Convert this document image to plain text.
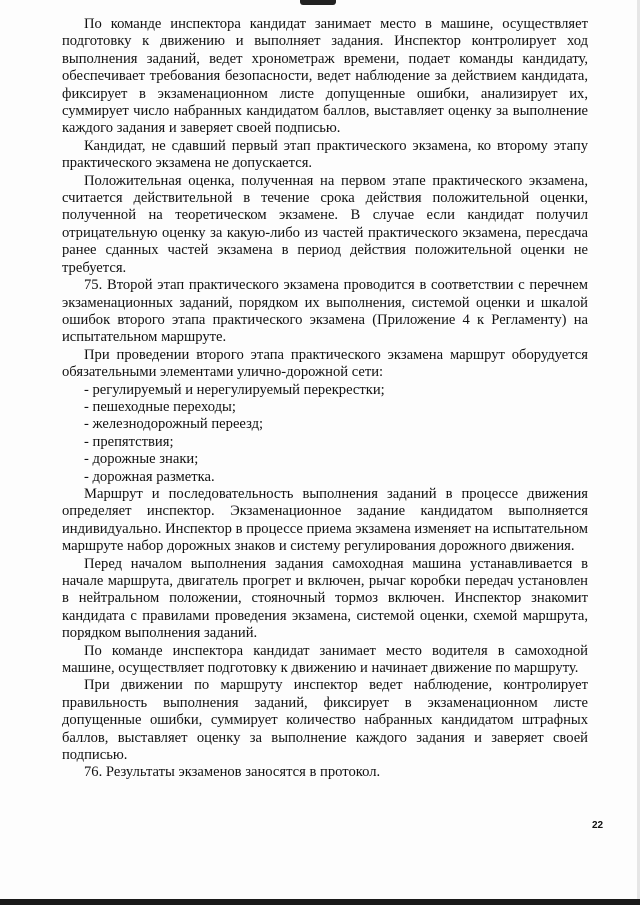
По команде инспектора кандидат занимает место в машине, осуществляет подготовку к движению и выполняет задания. Инспектор контролирует ход выполнения заданий, ведет хронометраж времени, подает команды кандидату, обеспечивает требования безопасности, ведет наблюдение за действием кандидата, фиксирует в экзаменационном листе допущенные ошибки, анализирует их, суммирует число набранных кандидатом баллов, выставляет оценку за выполнение каждого задания и заверяет своей подписью.

Кандидат, не сдавший первый этап практического экзамена, ко второму этапу практического экзамена не допускается.

Положительная оценка, полученная на первом этапе практического экзамена, считается действительной в течение срока действия положительной оценки, полученной на теоретическом экзамене. В случае если кандидат получил отрицательную оценку за какую-либо из частей практического экзамена, пересдача ранее сданных частей экзамена в период действия положительной оценки не требуется.

75. Второй этап практического экзамена проводится в соответствии с перечнем экзаменационных заданий, порядком их выполнения, системой оценки и шкалой ошибок второго этапа практического экзамена (Приложение 4 к Регламенту) на испытательном маршруте.

При проведении второго этапа практического экзамена маршрут оборудуется обязательными элементами улично-дорожной сети:

- регулируемый и нерегулируемый перекрестки;

- пешеходные переходы;

- железнодорожный переезд;

- препятствия;

- дорожные знаки;

- дорожная разметка.

Маршрут и последовательность выполнения заданий в процессе движения определяет инспектор. Экзаменационное задание кандидатом выполняется индивидуально. Инспектор в процессе приема экзамена изменяет на испытательном маршруте набор дорожных знаков и систему регулирования дорожного движения.

Перед началом выполнения задания самоходная машина устанавливается в начале маршрута, двигатель прогрет и включен, рычаг коробки передач установлен в нейтральном положении, стояночный тормоз включен. Инспектор знакомит кандидата с правилами проведения экзамена, системой оценки, схемой маршрута, порядком выполнения заданий.

По команде инспектора кандидат занимает место водителя в самоходной машине, осуществляет подготовку к движению и начинает движение по маршруту.

При движении по маршруту инспектор ведет наблюдение, контролирует правильность выполнения заданий, фиксирует в экзаменационном листе допущенные ошибки, суммирует количество набранных кандидатом штрафных баллов, выставляет оценку за выполнение каждого задания и заверяет своей подписью.

76. Результаты экзаменов заносятся в протокол.

22
